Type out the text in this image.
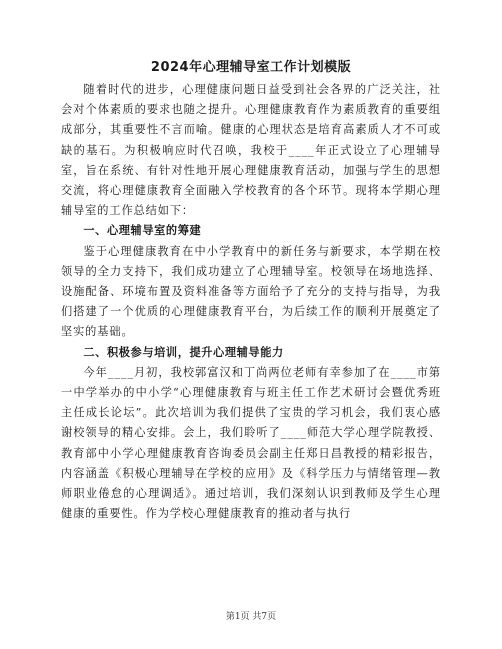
2024年心理辅导室工作计划模版

随着时代的进步，心理健康问题日益受到社会各界的广泛关注，社会对个体素质的要求也随之提升。心理健康教育作为素质教育的重要组成部分，其重要性不言而喻。健康的心理状态是培育高素质人才不可或缺的基石。为积极响应时代召唤，我校于____年正式设立了心理辅导室，旨在系统、有针对性地开展心理健康教育活动，加强与学生的思想交流，将心理健康教育全面融入学校教育的各个环节。现将本学期心理辅导室的工作总结如下：

一、心理辅导室的筹建

鉴于心理健康教育在中小学教育中的新任务与新要求，本学期在校领导的全力支持下，我们成功建立了心理辅导室。校领导在场地选择、设施配备、环境布置及资料准备等方面给予了充分的支持与指导，为我们搭建了一个优质的心理健康教育平台，为后续工作的顺利开展奠定了坚实的基础。

二、积极参与培训，提升心理辅导能力

今年____月初，我校郭富汉和丁尚两位老师有幸参加了在____市第一中学举办的中小学“心理健康教育与班主任工作艺术研讨会暨优秀班主任成长论坛”。此次培训为我们提供了宝贵的学习机会，我们衷心感谢校领导的精心安排。会上，我们聆听了____师范大学心理学院教授、教育部中小学心理健康教育咨询委员会副主任郑日昌教授的精彩报告，内容涵盖《积极心理辅导在学校的应用》及《科学压力与情绪管理—教师职业倦怠的心理调适》。通过培训，我们深刻认识到教师及学生心理健康的重要性。作为学校心理健康教育的推动者与执行

第1页 共7页
